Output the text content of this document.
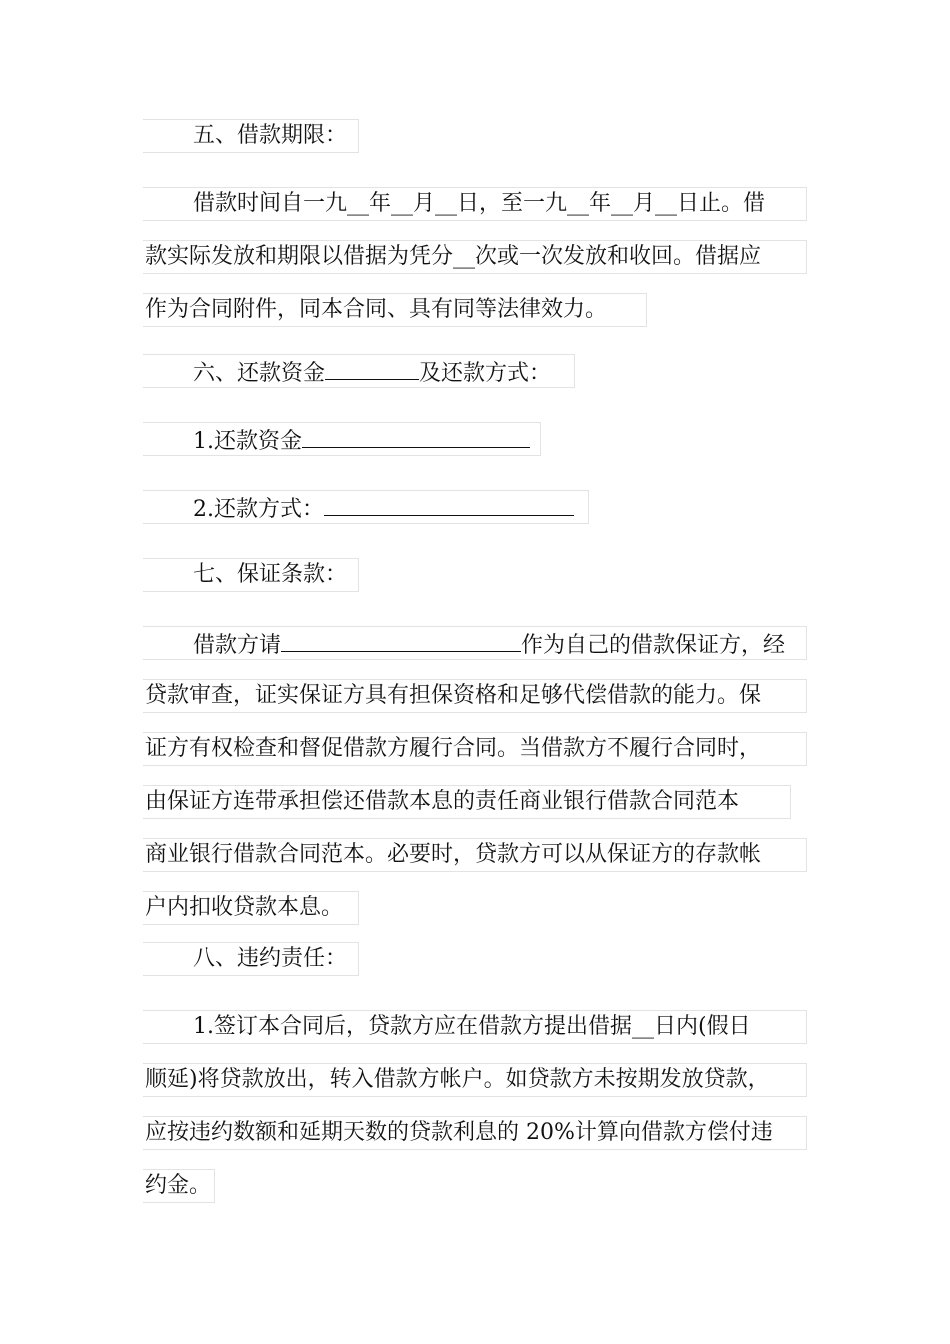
五、借款期限：
借款时间自一九__年__月__日，至一九__年__月__日止。借
款实际发放和期限以借据为凭分__次或一次发放和收回。借据应
作为合同附件，同本合同、具有同等法律效力。
六、还款资金	及还款方式：
1.还款资金
2.还款方式：
七、保证条款：
借款方请	作为自己的借款保证方，经
贷款审查，证实保证方具有担保资格和足够代偿借款的能力。保
证方有权检查和督促借款方履行合同。当借款方不履行合同时，
由保证方连带承担偿还借款本息的责任商业银行借款合同范本
商业银行借款合同范本。必要时，贷款方可以从保证方的存款帐
户内扣收贷款本息。
八、违约责任：
1.签订本合同后，贷款方应在借款方提出借据__日内(假日
顺延)将贷款放出，转入借款方帐户。如贷款方未按期发放贷款，
应按违约数额和延期天数的贷款利息的 20%计算向借款方偿付违
约金。
